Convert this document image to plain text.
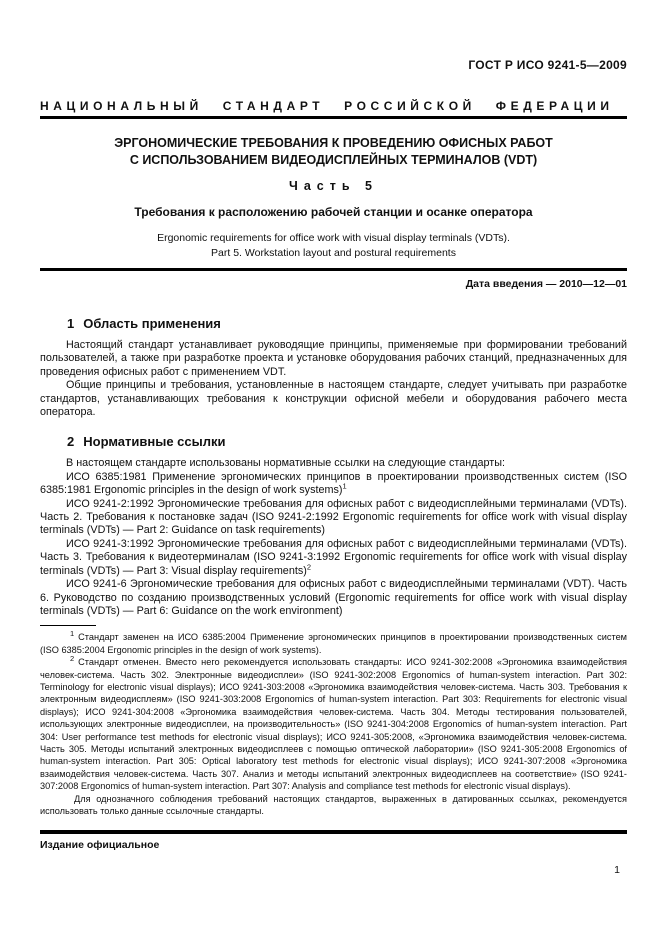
ГОСТ Р ИСО 9241-5—2009
НАЦИОНАЛЬНЫЙ СТАНДАРТ РОССИЙСКОЙ ФЕДЕРАЦИИ
ЭРГОНОМИЧЕСКИЕ ТРЕБОВАНИЯ К ПРОВЕДЕНИЮ ОФИСНЫХ РАБОТ
С ИСПОЛЬЗОВАНИЕМ ВИДЕОДИСПЛЕЙНЫХ ТЕРМИНАЛОВ (VDT)
Часть 5
Требования к расположению рабочей станции и осанке оператора
Ergonomic requirements for office work with visual display terminals (VDTs).
Part 5. Workstation layout and postural requirements
Дата введения — 2010—12—01
1 Область применения

Настоящий стандарт устанавливает руководящие принципы, применяемые при формировании требований пользователей, а также при разработке проекта и установке оборудования рабочих станций, предназначенных для проведения офисных работ с применением VDT.

Общие принципы и требования, установленные в настоящем стандарте, следует учитывать при разработке стандартов, устанавливающих требования к конструкции офисной мебели и оборудования рабочего места оператора.

2 Нормативные ссылки

В настоящем стандарте использованы нормативные ссылки на следующие стандарты:

ИСО 6385:1981 Применение эргономических принципов в проектировании производственных систем (ISO 6385:1981 Ergonomic principles in the design of work systems)$^1$

ИСО 9241-2:1992 Эргономические требования для офисных работ с видеодисплейными терминалами (VDTs). Часть 2. Требования к постановке задач (ISO 9241-2:1992 Ergonomic requirements for office work with visual display terminals (VDTs) — Part 2: Guidance on task requirements)

ИСО 9241-3:1992 Эргономические требования для офисных работ с видеодисплейными терминалами (VDTs). Часть 3. Требования к видеотерминалам (ISO 9241-3:1992 Ergonomic requirements for office work with visual display terminals (VDTs) — Part 3: Visual display requirements)$^2$

ИСО 9241-6 Эргономические требования для офисных работ с видеодисплейными терминалами (VDT). Часть 6. Руководство по созданию производственных условий (Ergonomic requirements for office work with visual display terminals (VDTs) — Part 6: Guidance on the work environment)

$^1$ Стандарт заменен на ИСО 6385:2004 Применение эргономических принципов в проектировании производственных систем (ISO 6385:2004 Ergonomic principles in the design of work systems).

$^2$ Стандарт отменен. Вместо него рекомендуется использовать стандарты: ИСО 9241-302:2008 «Эргономика взаимодействия человек-система. Часть 302. Электронные видеодисплеи» (ISO 9241-302:2008 Ergonomics of human-system interaction. Part 302: Terminology for electronic visual displays); ИСО 9241-303:2008 «Эргономика взаимодействия человек-система. Часть 303. Требования к электронным видеодисплеям» (ISO 9241-303:2008 Ergonomics of human-system interaction. Part 303: Requirements for electronic visual displays); ИСО 9241-304:2008 «Эргономика взаимодействия человек-система. Часть 304. Методы тестирования пользователей, использующих электронные видеодисплеи, на производительность» (ISO 9241-304:2008 Ergonomics of human-system interaction. Part 304: User performance test methods for electronic visual displays); ИСО 9241-305:2008, «Эргономика взаимодействия человек-система. Часть 305. Методы испытаний электронных видеодисплеев с помощью оптической лаборатории» (ISO 9241-305:2008 Ergonomics of human-system interaction. Part 305: Optical laboratory test methods for electronic visual displays); ИСО 9241-307:2008 «Эргономика взаимодействия человек-система. Часть 307. Анализ и методы испытаний электронных видеодисплеев на соответствие» (ISO 9241-307:2008 Ergonomics of human-system interaction. Part 307: Analysis and compliance test methods for electronic visual displays).

Для однозначного соблюдения требований настоящих стандартов, выраженных в датированных ссылках, рекомендуется использовать только данные ссылочные стандарты.

Издание официальное
1
